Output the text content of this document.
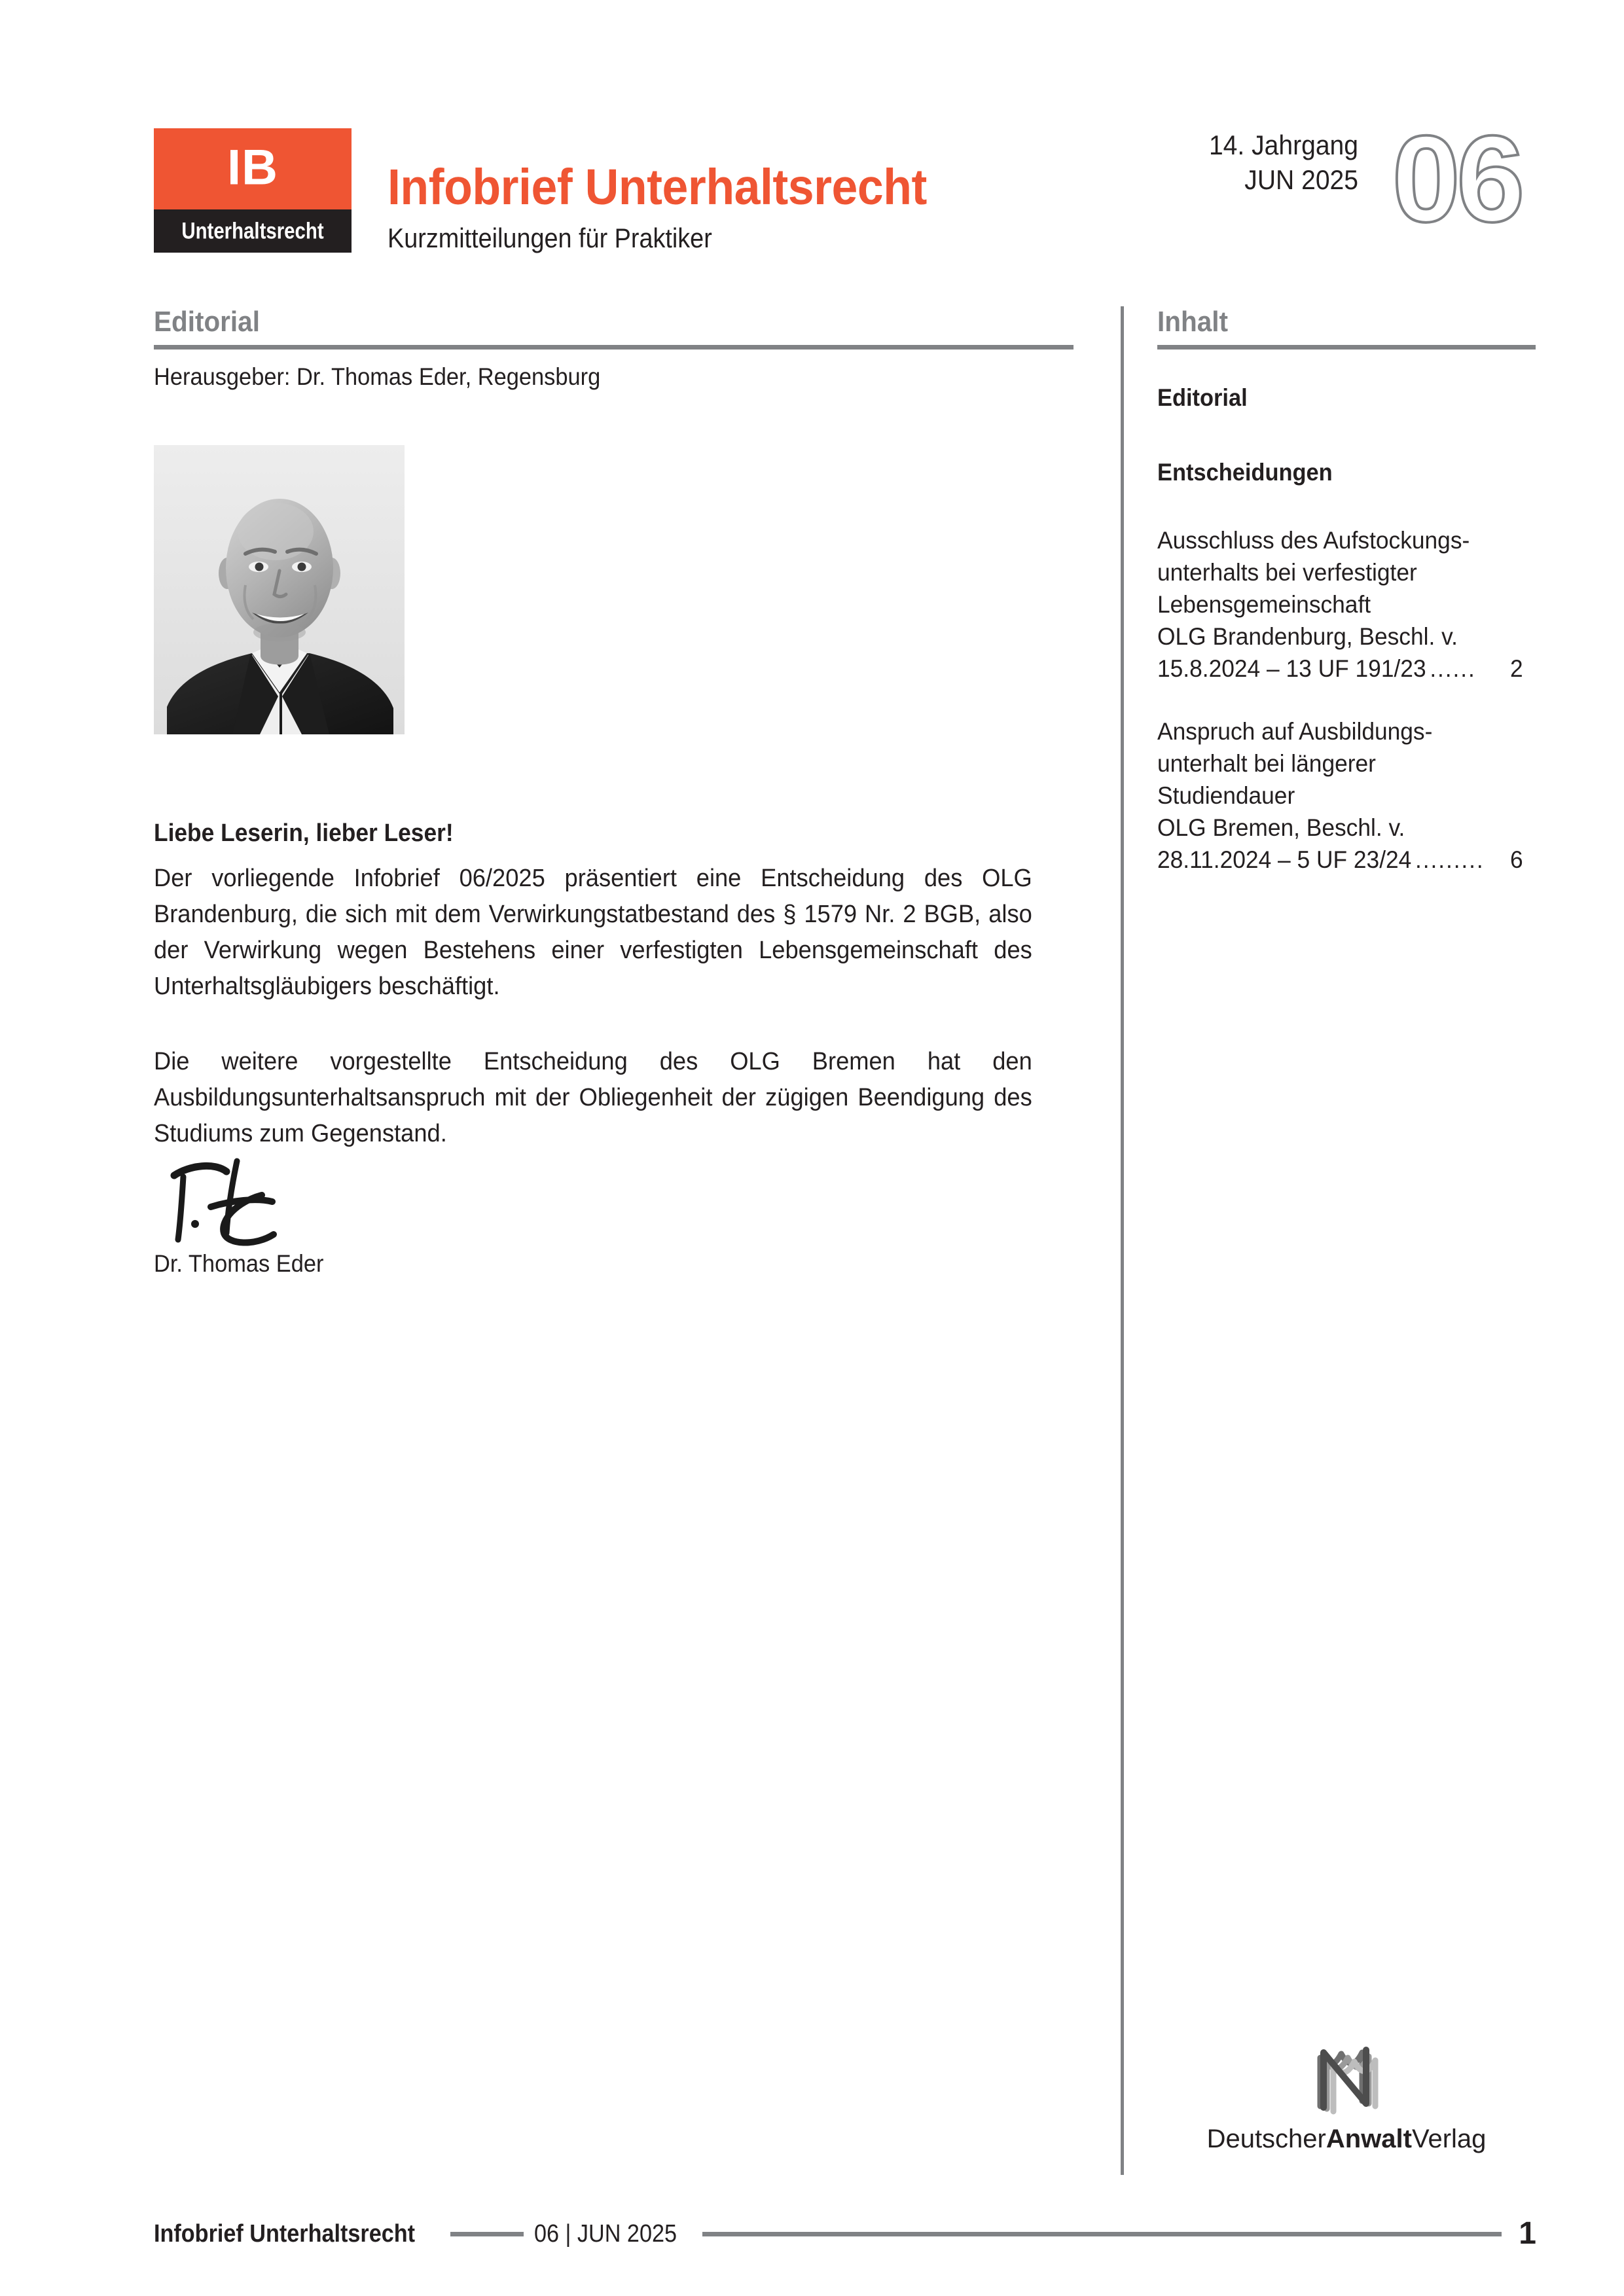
IB
Unterhaltsrecht
Infobrief Unterhaltsrecht
Kurzmitteilungen für Praktiker
14. Jahrgang
JUN 2025 06
Editorial	Inhalt
Herausgeber: Dr. Thomas Eder, Regensburg
Liebe Leserin, lieber Leser!
Der vorliegende Infobrief 06/2025 präsentiert eine Entscheidung des OLG Brandenburg, die sich mit dem Verwirkungstatbestand des § 1579 Nr. 2 BGB, also der Verwirkung wegen Bestehens einer verfestigten Lebensgemeinschaft des Unterhaltsgläubigers beschäftigt.
Die weitere vorgestellte Entscheidung des OLG Bremen hat den Ausbildungsunterhaltsanspruch mit der Obliegenheit der zügigen Beendigung des Studiums zum Gegenstand.
Dr. Thomas Eder
Editorial
Entscheidungen
Ausschluss des Aufstockungs-
unterhalts bei verfestigter
Lebensgemeinschaft
OLG Brandenburg, Beschl. v.
15.8.2024 – 13 UF 191/23 ......	2
Anspruch auf Ausbildungs-
unterhalt bei längerer
Studiendauer
OLG Bremen, Beschl. v.
28.11.2024 – 5 UF 23/24 .........	6
DeutscherAnwaltVerlag
Infobrief Unterhaltsrecht	06 | JUN 2025	1
